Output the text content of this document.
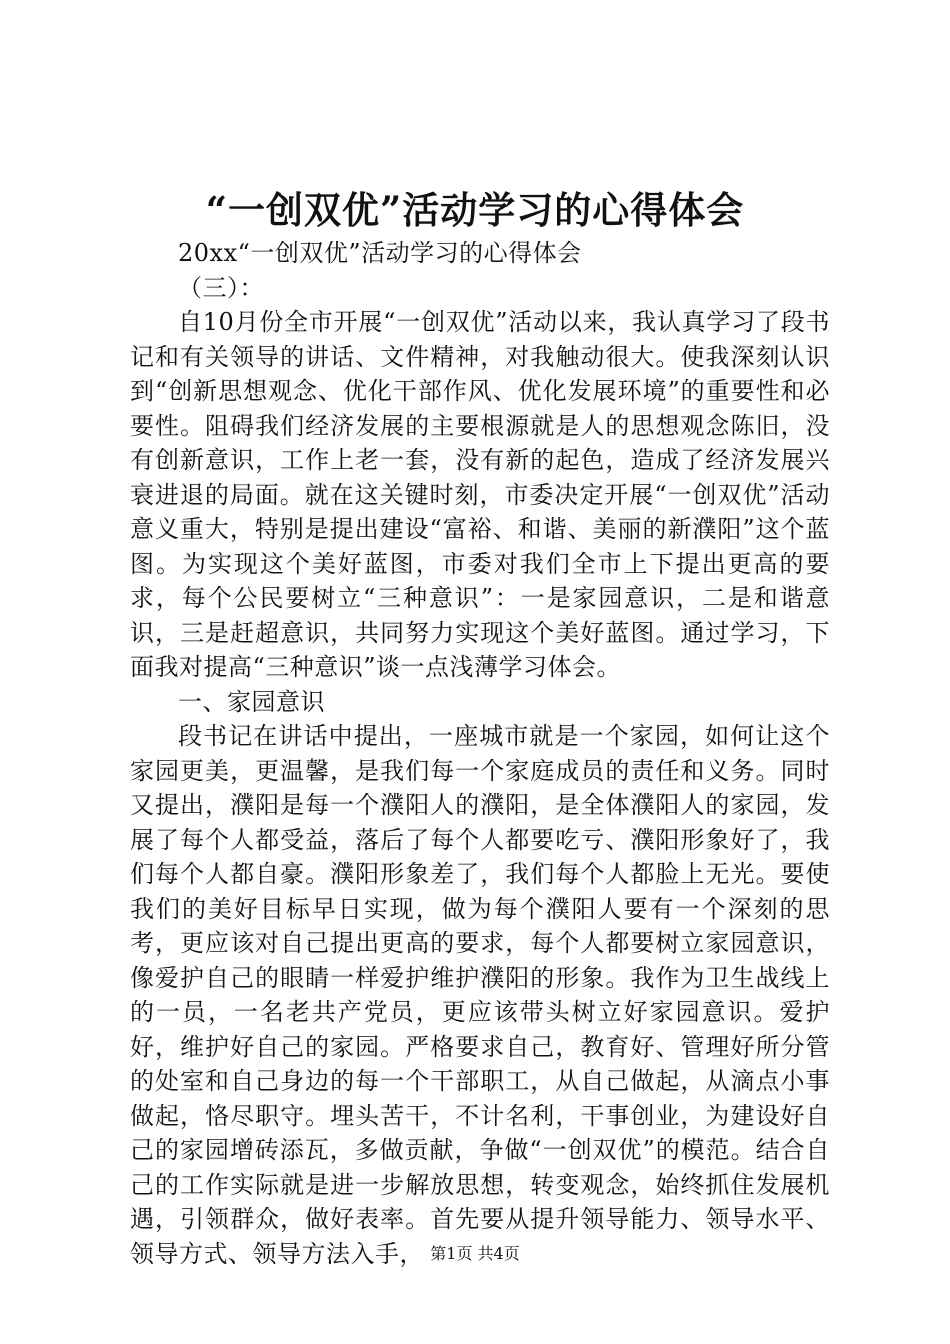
“一创双优”活动学习的心得体会

20xx“一创双优”活动学习的心得体会

（三）：

自10月份全市开展“一创双优”活动以来，我认真学习了段书记和有关领导的讲话、文件精神，对我触动很大。使我深刻认识到“创新思想观念、优化干部作风、优化发展环境”的重要性和必要性。阻碍我们经济发展的主要根源就是人的思想观念陈旧，没有创新意识，工作上老一套，没有新的起色，造成了经济发展兴衰进退的局面。就在这关键时刻，市委决定开展“一创双优”活动意义重大，特别是提出建设“富裕、和谐、美丽的新濮阳”这个蓝图。为实现这个美好蓝图，市委对我们全市上下提出更高的要求，每个公民要树立“三种意识”：一是家园意识，二是和谐意识，三是赶超意识，共同努力实现这个美好蓝图。通过学习，下面我对提高“三种意识”谈一点浅薄学习体会。

一、家园意识

段书记在讲话中提出，一座城市就是一个家园，如何让这个家园更美，更温馨，是我们每一个家庭成员的责任和义务。同时又提出，濮阳是每一个濮阳人的濮阳，是全体濮阳人的家园，发展了每个人都受益，落后了每个人都要吃亏、濮阳形象好了，我们每个人都自豪。濮阳形象差了，我们每个人都脸上无光。要使我们的美好目标早日实现，做为每个濮阳人要有一个深刻的思考，更应该对自己提出更高的要求，每个人都要树立家园意识，像爱护自己的眼睛一样爱护维护濮阳的形象。我作为卫生战线上的一员，一名老共产党员，更应该带头树立好家园意识。爱护好，维护好自己的家园。严格要求自己，教育好、管理好所分管的处室和自己身边的每一个干部职工，从自己做起，从滴点小事做起，恪尽职守。埋头苦干，不计名利，干事创业，为建设好自己的家园增砖添瓦，多做贡献，争做“一创双优”的模范。结合自己的工作实际就是进一步解放思想，转变观念，始终抓住发展机遇，引领群众，做好表率。首先要从提升领导能力、领导水平、领导方式、领导方法入手， 第1页 共4页
